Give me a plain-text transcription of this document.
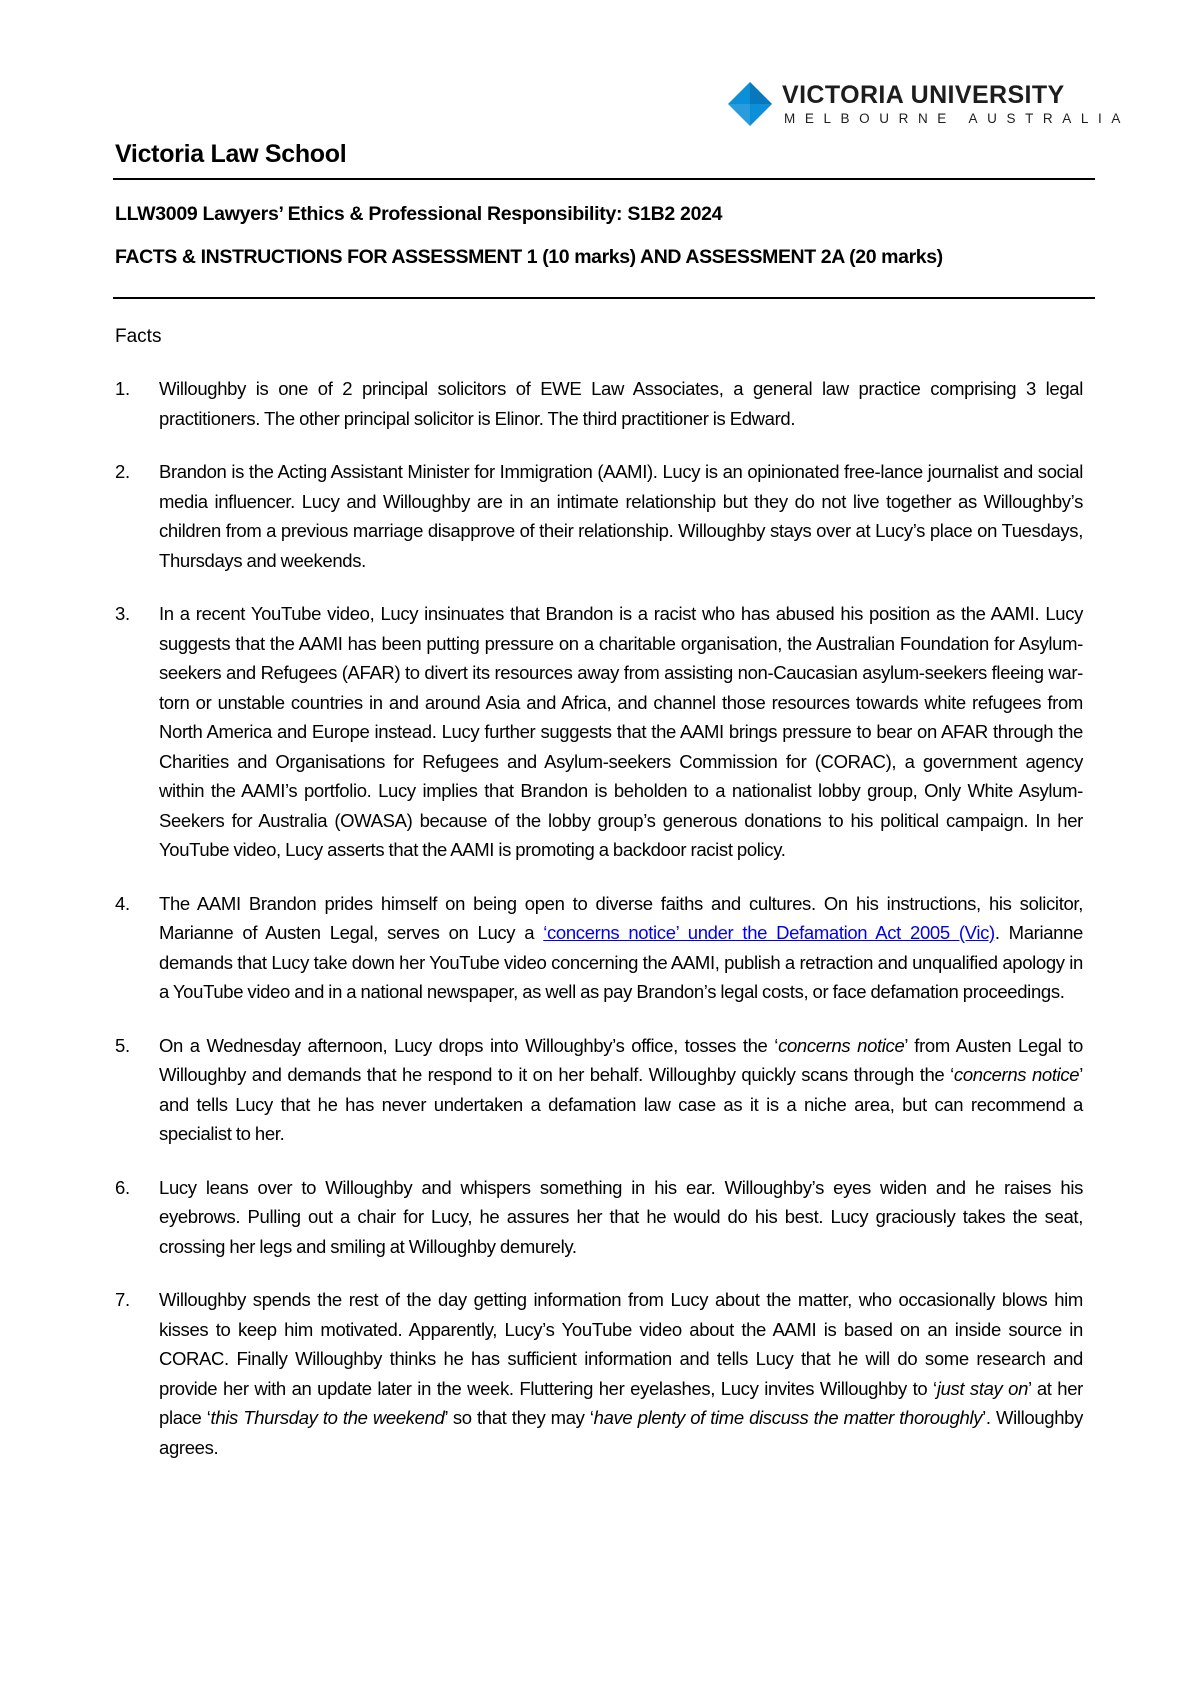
VICTORIA UNIVERSITY
MELBOURNE AUSTRALIA
Victoria Law School
LLW3009 Lawyers’ Ethics & Professional Responsibility: S1B2 2024
FACTS & INSTRUCTIONS FOR ASSESSMENT 1 (10 marks) AND ASSESSMENT 2A (20 marks)
Facts
1. Willoughby is one of 2 principal solicitors of EWE Law Associates, a general law practice comprising 3 legal practitioners. The other principal solicitor is Elinor. The third practitioner is Edward.
2. Brandon is the Acting Assistant Minister for Immigration (AAMI). Lucy is an opinionated free-lance journalist and social media influencer. Lucy and Willoughby are in an intimate relationship but they do not live together as Willoughby’s children from a previous marriage disapprove of their relationship. Willoughby stays over at Lucy’s place on Tuesdays, Thursdays and weekends.
3. In a recent YouTube video, Lucy insinuates that Brandon is a racist who has abused his position as the AAMI. Lucy suggests that the AAMI has been putting pressure on a charitable organisation, the Australian Foundation for Asylum-seekers and Refugees (AFAR) to divert its resources away from assisting non-Caucasian asylum-seekers fleeing war-torn or unstable countries in and around Asia and Africa, and channel those resources towards white refugees from North America and Europe instead. Lucy further suggests that the AAMI brings pressure to bear on AFAR through the Charities and Organisations for Refugees and Asylum-seekers Commission for (CORAC), a government agency within the AAMI’s portfolio. Lucy implies that Brandon is beholden to a nationalist lobby group, Only White Asylum-Seekers for Australia (OWASA) because of the lobby group’s generous donations to his political campaign. In her YouTube video, Lucy asserts that the AAMI is promoting a backdoor racist policy.
4. The AAMI Brandon prides himself on being open to diverse faiths and cultures. On his instructions, his solicitor, Marianne of Austen Legal, serves on Lucy a ‘concerns notice’ under the Defamation Act 2005 (Vic). Marianne demands that Lucy take down her YouTube video concerning the AAMI, publish a retraction and unqualified apology in a YouTube video and in a national newspaper, as well as pay Brandon’s legal costs, or face defamation proceedings.
5. On a Wednesday afternoon, Lucy drops into Willoughby’s office, tosses the ‘concerns notice’ from Austen Legal to Willoughby and demands that he respond to it on her behalf. Willoughby quickly scans through the ‘concerns notice’ and tells Lucy that he has never undertaken a defamation law case as it is a niche area, but can recommend a specialist to her.
6. Lucy leans over to Willoughby and whispers something in his ear. Willoughby’s eyes widen and he raises his eyebrows. Pulling out a chair for Lucy, he assures her that he would do his best. Lucy graciously takes the seat, crossing her legs and smiling at Willoughby demurely.
7. Willoughby spends the rest of the day getting information from Lucy about the matter, who occasionally blows him kisses to keep him motivated. Apparently, Lucy’s YouTube video about the AAMI is based on an inside source in CORAC. Finally Willoughby thinks he has sufficient information and tells Lucy that he will do some research and provide her with an update later in the week. Fluttering her eyelashes, Lucy invites Willoughby to ‘just stay on’ at her place ‘this Thursday to the weekend’ so that they may ‘have plenty of time discuss the matter thoroughly’. Willoughby agrees.
